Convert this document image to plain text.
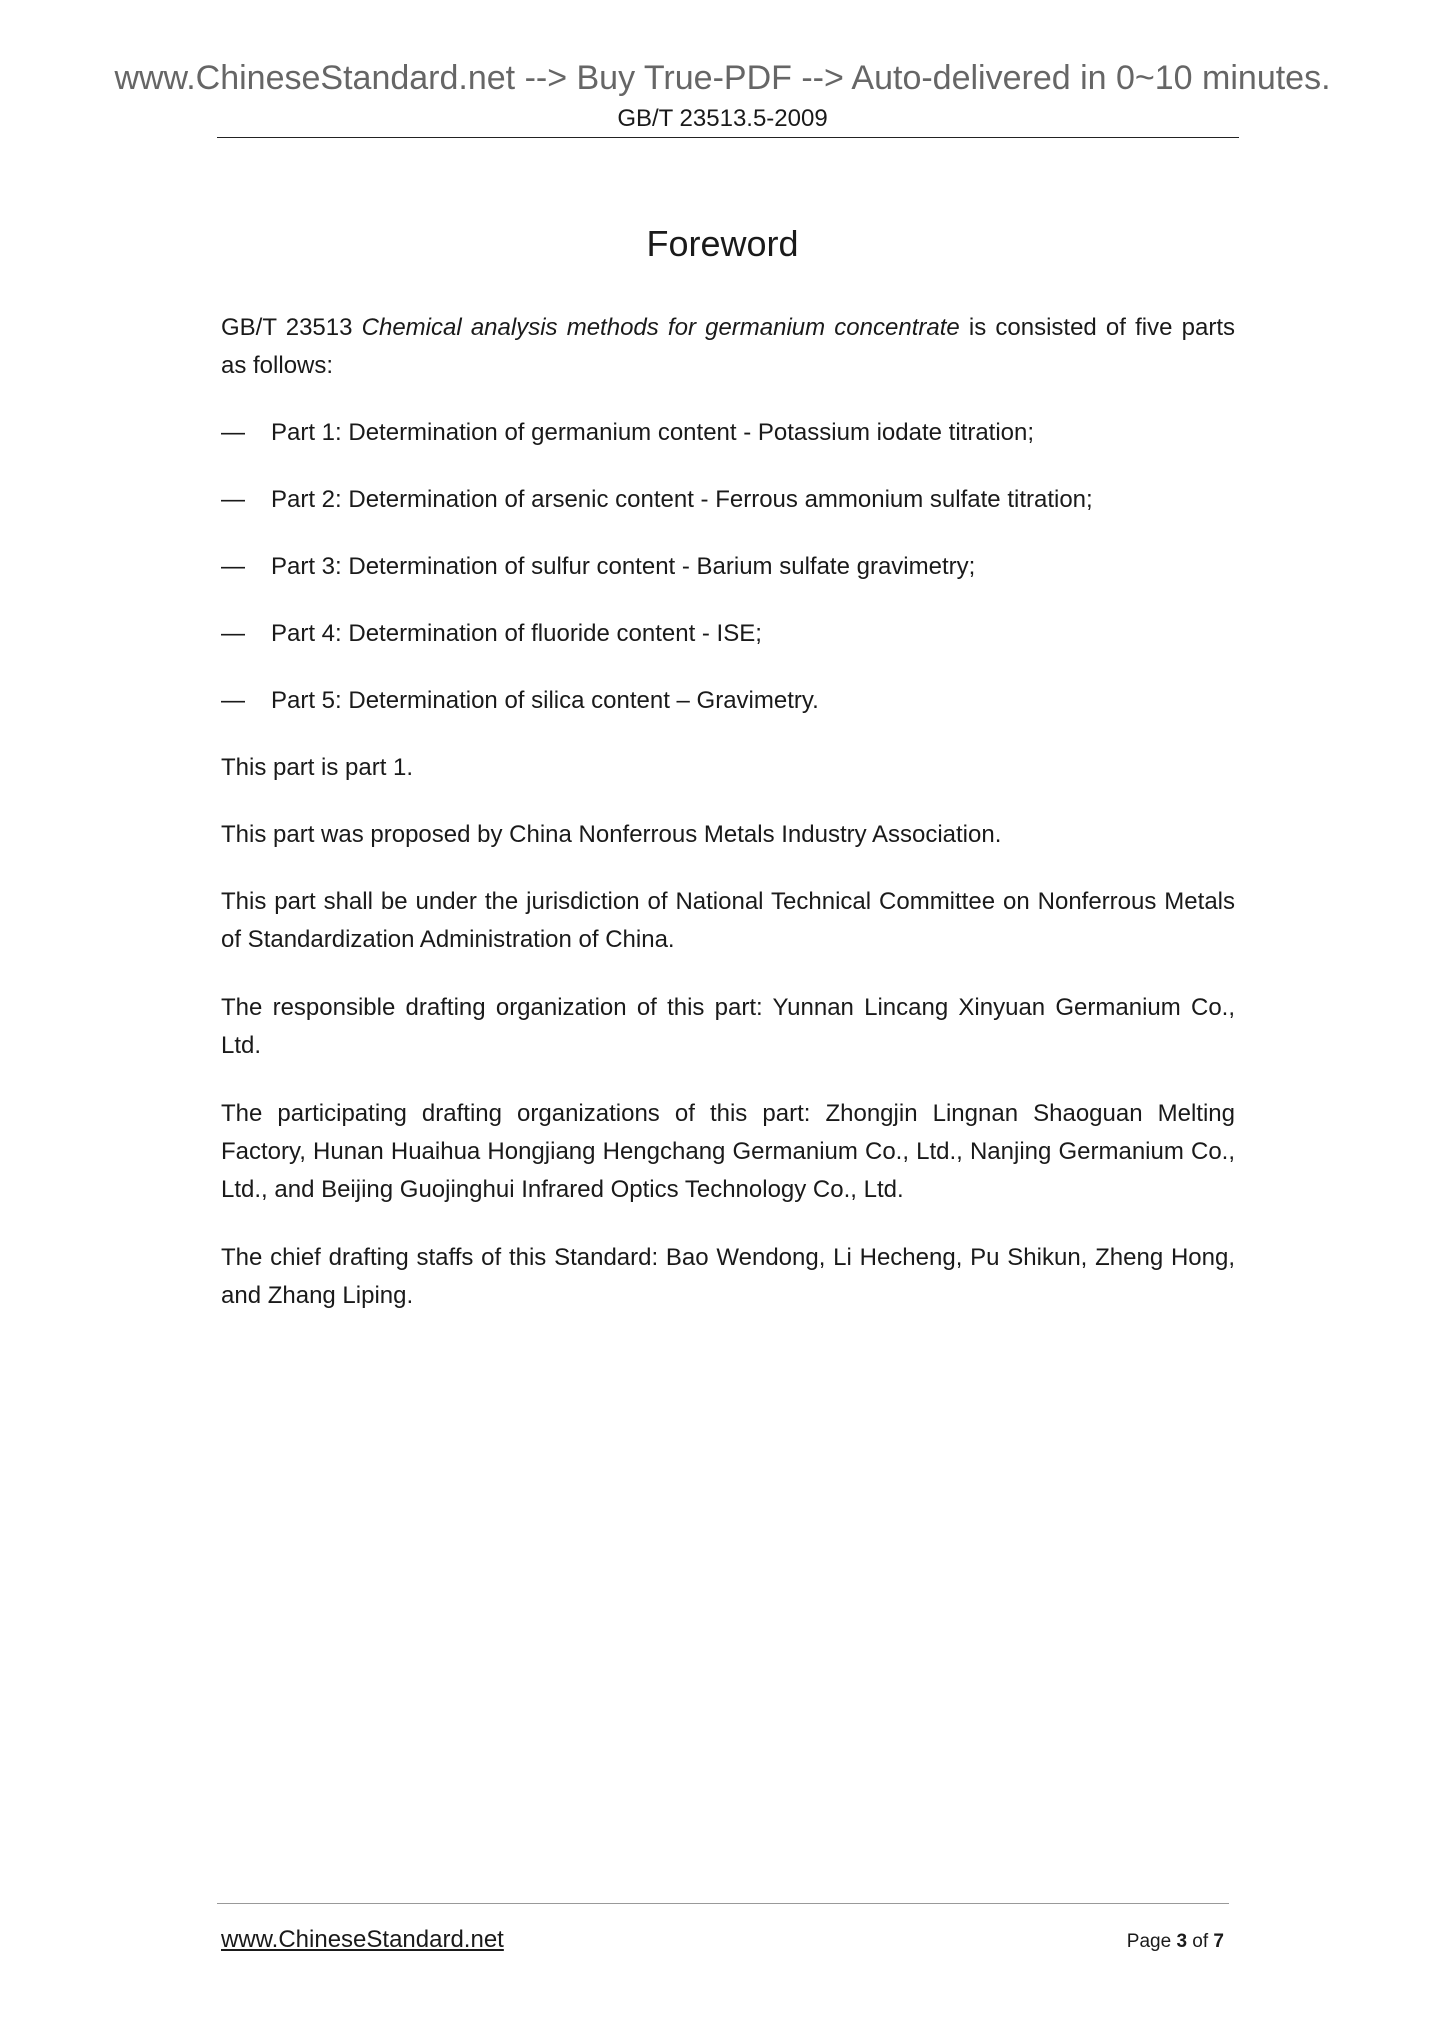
www.ChineseStandard.net --> Buy True-PDF --> Auto-delivered in 0~10 minutes.
GB/T 23513.5-2009
Foreword
GB/T 23513 Chemical analysis methods for germanium concentrate is consisted of five parts as follows:
— Part 1: Determination of germanium content - Potassium iodate titration;
— Part 2: Determination of arsenic content - Ferrous ammonium sulfate titration;
— Part 3: Determination of sulfur content - Barium sulfate gravimetry;
— Part 4: Determination of fluoride content - ISE;
— Part 5: Determination of silica content – Gravimetry.
This part is part 1.
This part was proposed by China Nonferrous Metals Industry Association.
This part shall be under the jurisdiction of National Technical Committee on Nonferrous Metals of Standardization Administration of China.
The responsible drafting organization of this part: Yunnan Lincang Xinyuan Germanium Co., Ltd.
The participating drafting organizations of this part: Zhongjin Lingnan Shaoguan Melting Factory, Hunan Huaihua Hongjiang Hengchang Germanium Co., Ltd., Nanjing Germanium Co., Ltd., and Beijing Guojinghui Infrared Optics Technology Co., Ltd.
The chief drafting staffs of this Standard: Bao Wendong, Li Hecheng, Pu Shikun, Zheng Hong, and Zhang Liping.
www.ChineseStandard.net	Page 3 of 7
